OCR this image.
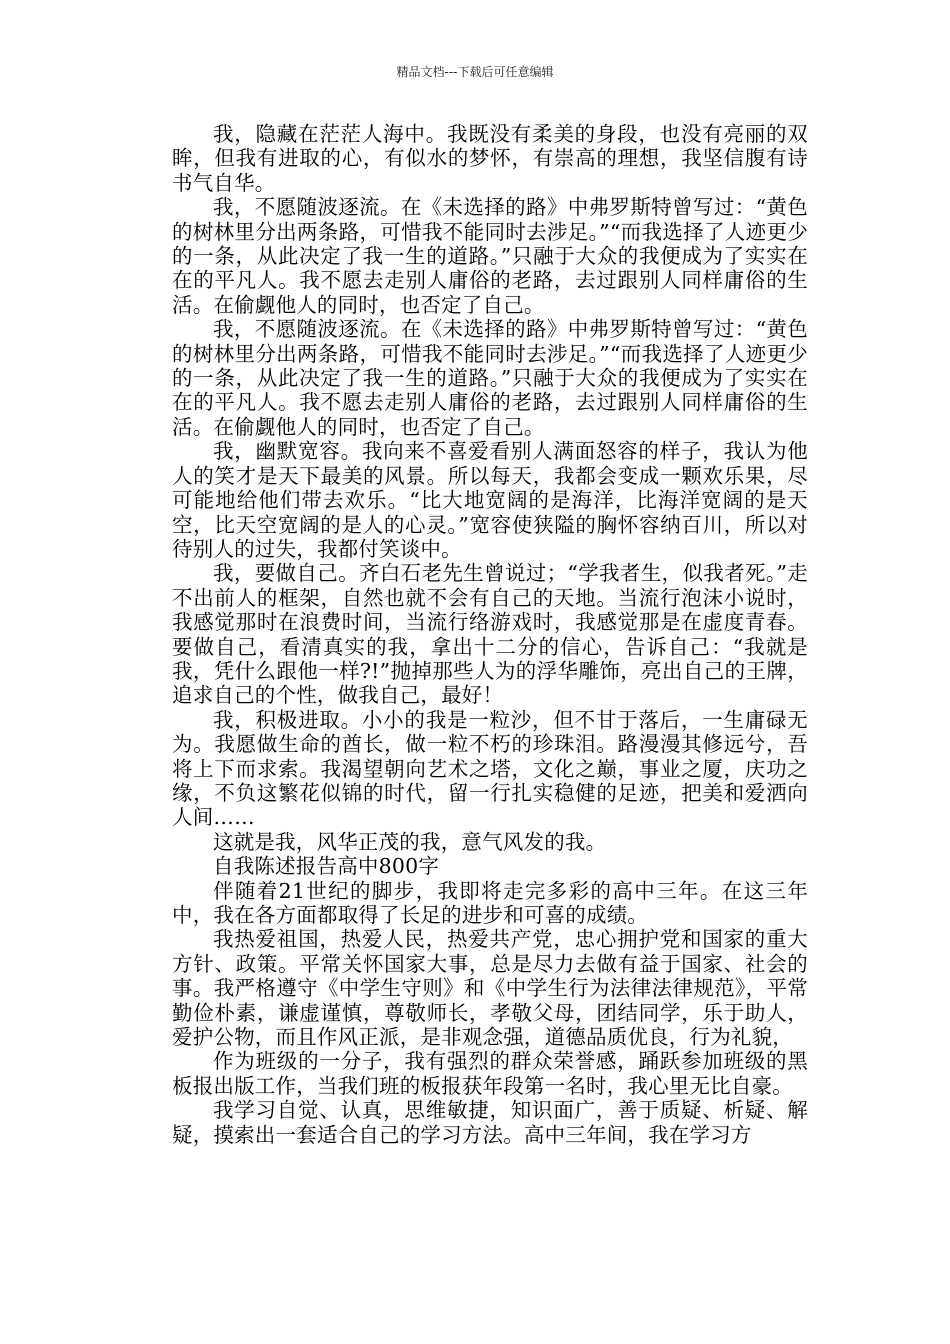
精品文档---下载后可任意编辑

我，隐藏在茫茫人海中。我既没有柔美的身段，也没有亮丽的双眸，但我有进取的心，有似水的梦怀，有崇高的理想，我坚信腹有诗书气自华。

我，不愿随波逐流。在《未选择的路》中弗罗斯特曾写过：“黄色的树林里分出两条路，可惜我不能同时去涉足。”“而我选择了人迹更少的一条，从此决定了我一生的道路。”只融于大众的我便成为了实实在在的平凡人。我不愿去走别人庸俗的老路，去过跟别人同样庸俗的生活。在偷觑他人的同时，也否定了自己。

我，不愿随波逐流。在《未选择的路》中弗罗斯特曾写过：“黄色的树林里分出两条路，可惜我不能同时去涉足。”“而我选择了人迹更少的一条，从此决定了我一生的道路。”只融于大众的我便成为了实实在在的平凡人。我不愿去走别人庸俗的老路，去过跟别人同样庸俗的生活。在偷觑他人的同时，也否定了自己。

我，幽默宽容。我向来不喜爱看别人满面怒容的样子，我认为他人的笑才是天下最美的风景。所以每天，我都会变成一颗欢乐果，尽可能地给他们带去欢乐。“比大地宽阔的是海洋，比海洋宽阔的是天空，比天空宽阔的是人的心灵。”宽容使狭隘的胸怀容纳百川，所以对待别人的过失，我都付笑谈中。

我，要做自己。齐白石老先生曾说过；“学我者生，似我者死。”走不出前人的框架，自然也就不会有自己的天地。当流行泡沫小说时，我感觉那时在浪费时间，当流行络游戏时，我感觉那是在虚度青春。要做自己，看清真实的我，拿出十二分的信心，告诉自己：“我就是我，凭什么跟他一样?!”抛掉那些人为的浮华雕饰，亮出自己的王牌，追求自己的个性，做我自己，最好！

我，积极进取。小小的我是一粒沙，但不甘于落后，一生庸碌无为。我愿做生命的酋长，做一粒不朽的珍珠泪。路漫漫其修远兮，吾将上下而求索。我渴望朝向艺术之塔，文化之巅，事业之厦，庆功之缘，不负这繁花似锦的时代，留一行扎实稳健的足迹，把美和爱洒向人间……

这就是我，风华正茂的我，意气风发的我。

自我陈述报告高中800字

伴随着21世纪的脚步，我即将走完多彩的高中三年。在这三年中，我在各方面都取得了长足的进步和可喜的成绩。

我热爱祖国，热爱人民，热爱共产党，忠心拥护党和国家的重大方针、政策。平常关怀国家大事，总是尽力去做有益于国家、社会的事。我严格遵守《中学生守则》和《中学生行为法律法律规范》，平常勤俭朴素，谦虚谨慎，尊敬师长，孝敬父母，团结同学，乐于助人，爱护公物，而且作风正派，是非观念强，道德品质优良，行为礼貌，

作为班级的一分子，我有强烈的群众荣誉感，踊跃参加班级的黑板报出版工作，当我们班的板报获年段第一名时，我心里无比自豪。

我学习自觉、认真，思维敏捷，知识面广，善于质疑、析疑、解疑，摸索出一套适合自己的学习方法。高中三年间，我在学习方
